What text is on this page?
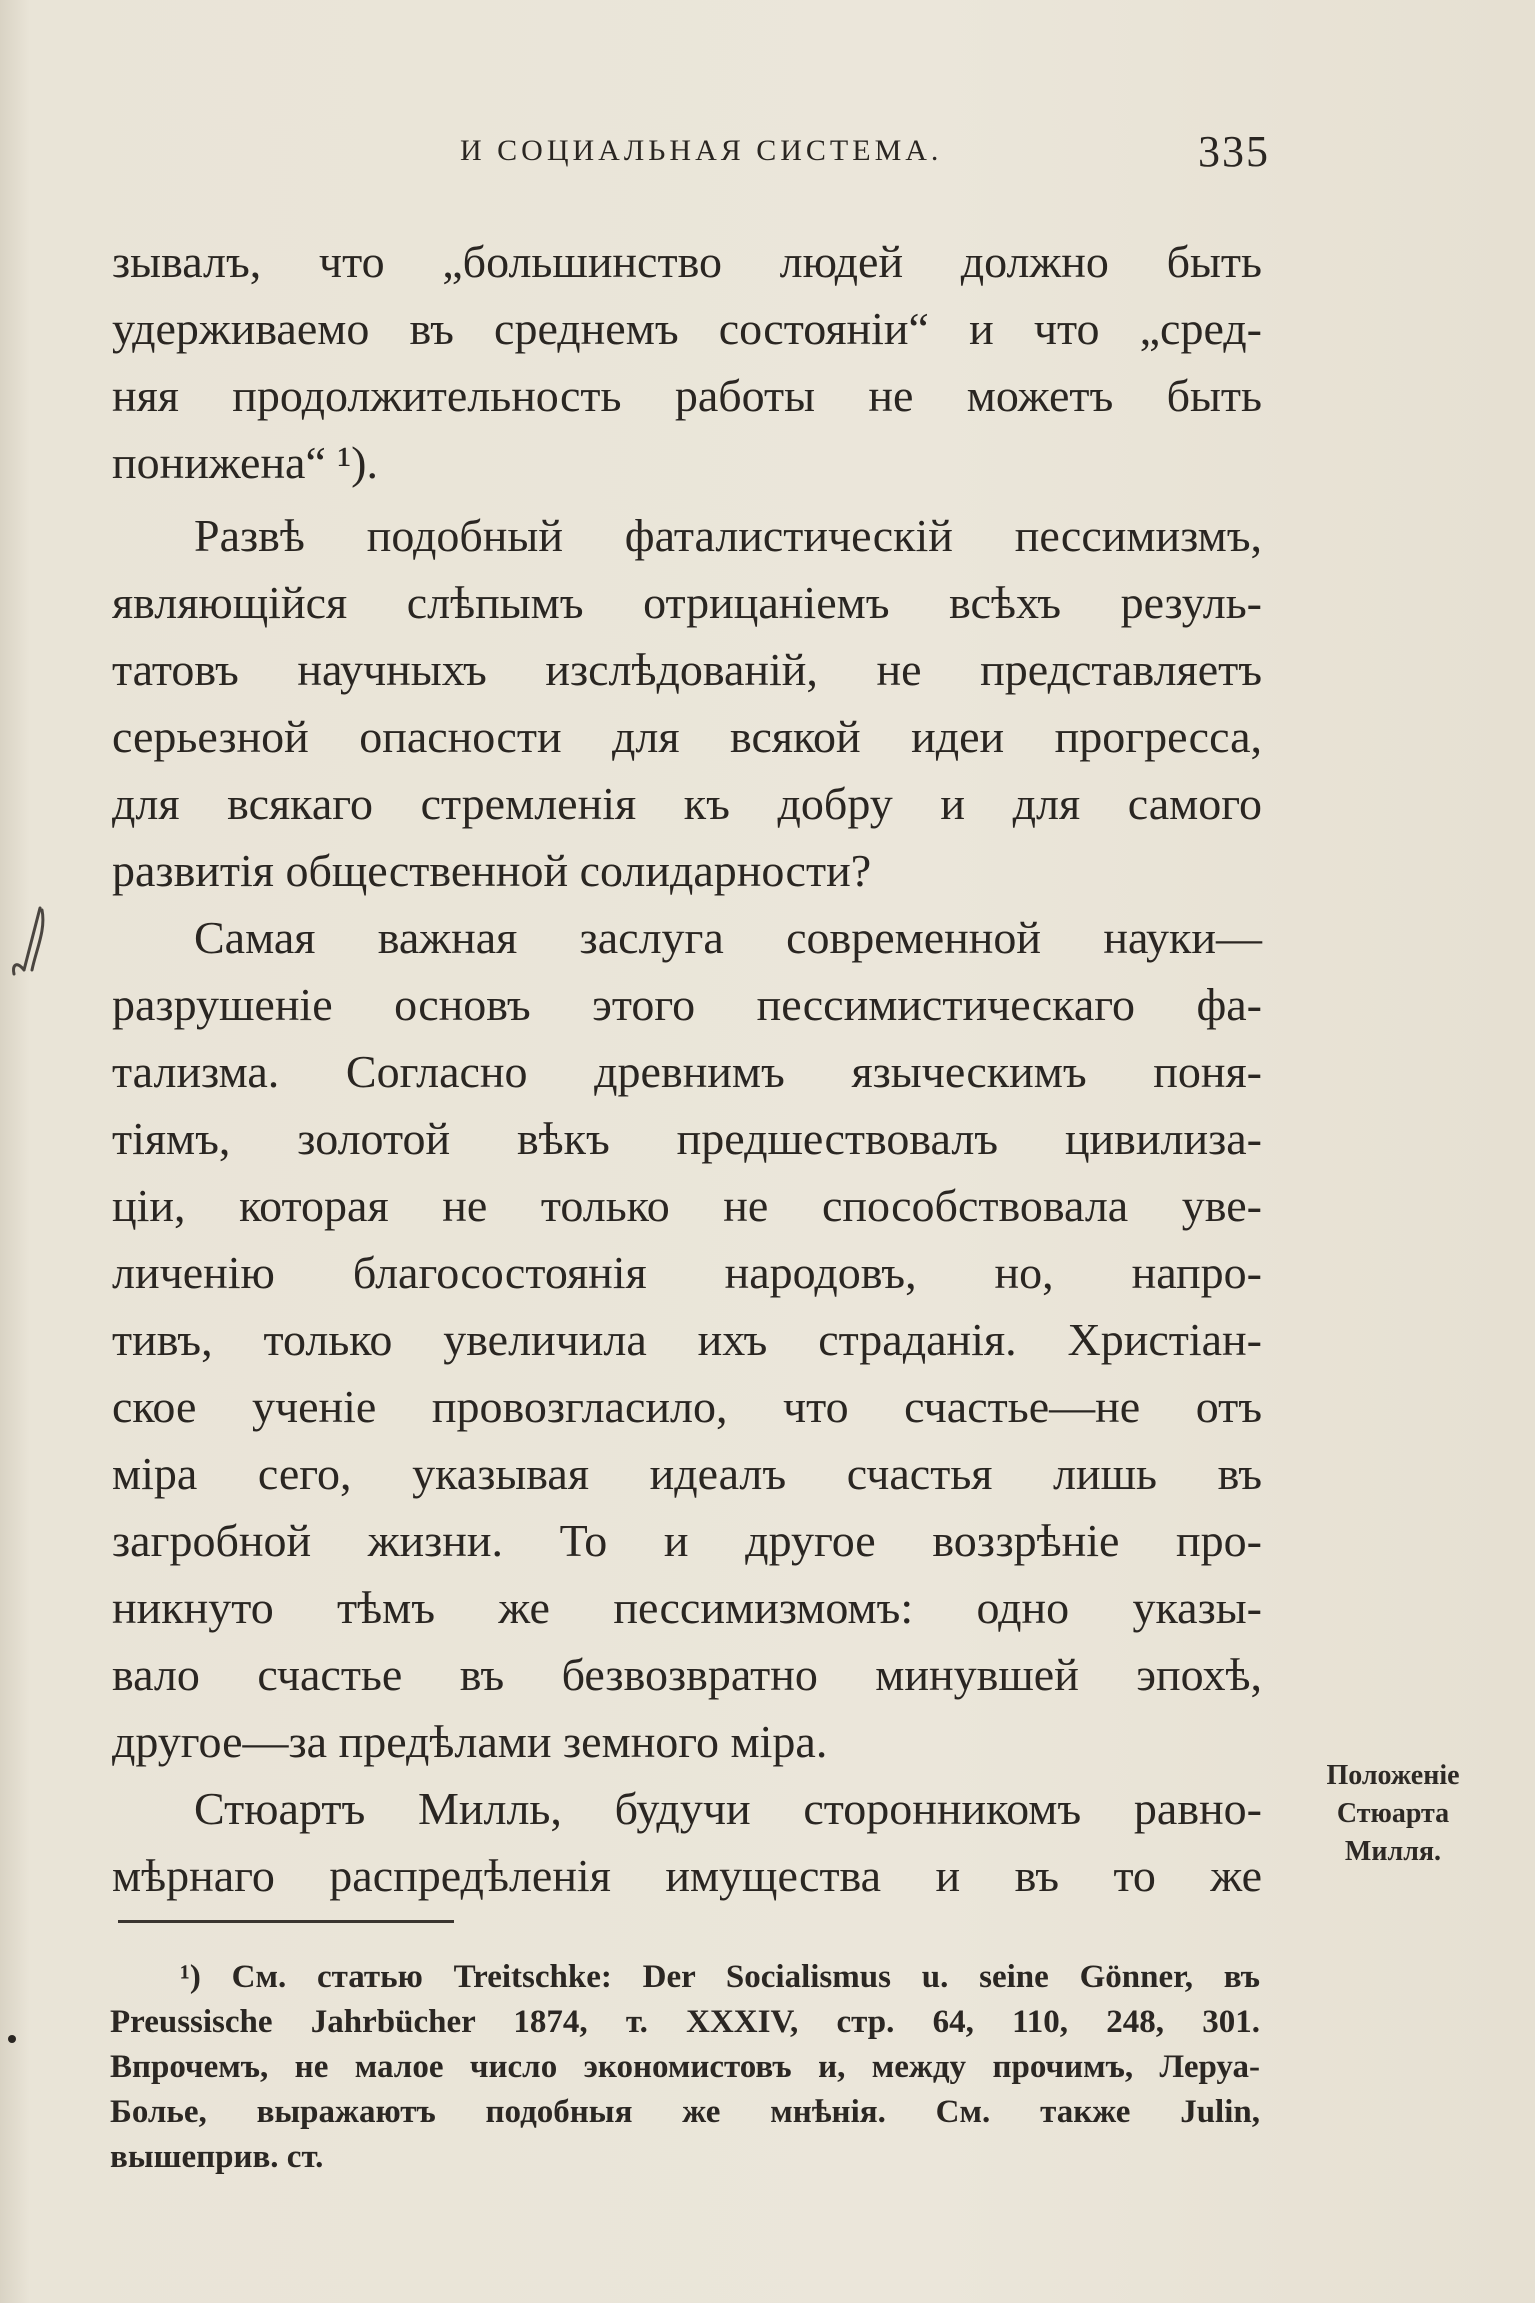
И СОЦИАЛЬНАЯ СИСТЕМА.	335
зывалъ, что „большинство людей должно быть
удерживаемо въ среднемъ состояніи“ и что „сред-
няя продолжительность работы не можетъ быть
понижена“ ¹).
Развѣ подобный фаталистическій пессимизмъ,
являющійся слѣпымъ отрицаніемъ всѣхъ резуль-
татовъ научныхъ изслѣдованій, не представляетъ
серьезной опасности для всякой идеи прогресса,
для всякаго стремленія къ добру и для самого
развитія общественной солидарности?
Самая важная заслуга современной науки—
разрушеніе основъ этого пессимистическаго фа-
тализма. Согласно древнимъ языческимъ поня-
тіямъ, золотой вѣкъ предшествовалъ цивилиза-
ціи, которая не только не способствовала уве-
личенію благосостоянія народовъ, но, напро-
тивъ, только увеличила ихъ страданія. Христіан-
ское ученіе провозгласило, что счастье—не отъ
міра сего, указывая идеалъ счастья лишь въ
загробной жизни. То и другое воззрѣніе про-
никнуто тѣмъ же пессимизмомъ: одно указы-
вало счастье въ безвозвратно минувшей эпохѣ,
другое—за предѣлами земного міра.
Стюартъ Милль, будучи сторонникомъ равно-
мѣрнаго распредѣленія имущества и въ то же
Положеніе
Стюарта
Милля.
¹) См. статью Treitschke: Der Socialismus u. seine Gönner, въ
Preussische Jahrbücher 1874, т. XXXIV, стр. 64, 110, 248, 301.
Впрочемъ, не малое число экономистовъ и, между прочимъ, Леруа-
Болье, выражаютъ подобныя же мнѣнія. См. также Julin,
вышеприв. ст.
